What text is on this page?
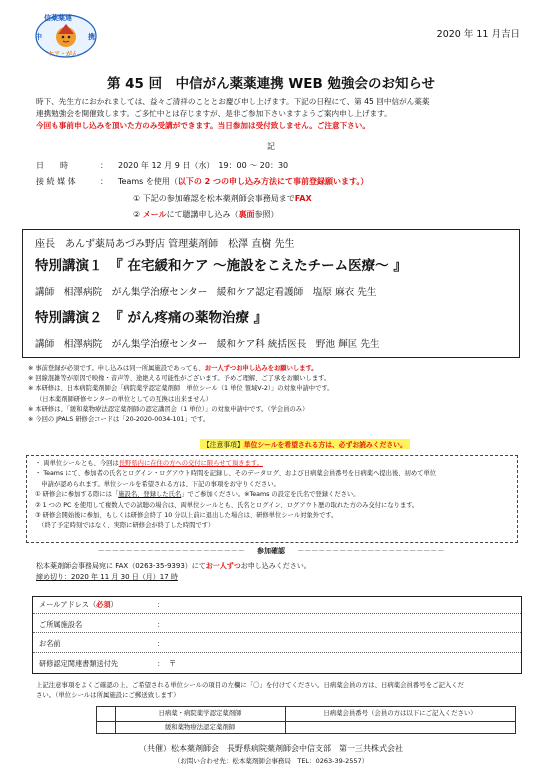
信薬薬連
中	携
ケア・がん
2020 年 11 月吉日
第 45 回　中信がん薬薬連携 WEB 勉強会のお知らせ
時下、先生方におかれましては、益々ご清祥のこととお慶び申し上げます。下記の日程にて、第 45 回中信がん薬薬
連携勉強会を開催致します。ご多忙中とは存じますが、是非ご参加下さいますようご案内申し上げます。
今回も事前申し込みを頂いた方のみ受講ができます。当日参加は受付致しません。ご注意下さい。
記
日　　時	： 2020 年 12 月 9 日（水）　19：00 ～ 20：30
接 続 媒 体	： Teams を使用（以下の 2 つの申し込み方法にて事前登録願います。）
① 下記の参加確認を松本薬剤師会事務局までFAX
② メールにて聴講申し込み（裏面参照）
座長　あんず薬局あづみ野店 管理薬剤師　松澤 直樹 先生
特別講演１　『 在宅緩和ケア ～施設をこえたチーム医療～ 』
講師　相澤病院　がん集学治療センター　緩和ケア認定看護師　塩原 麻衣 先生
特別講演２　『 がん疼痛の薬物治療 』
講師　相澤病院　がん集学治療センター　緩和ケア科 統括医長　野池 輝匡 先生
※ 事前登録が必須です。申し込みは同一所属施設であっても、お一人ずつお申し込みをお願いします。
※ 回線混雑等が原因で映像・音声等、途絶える可能性がございます。予めご理解、ご了承をお願いします。
※ 本研修は、日本病院薬剤師会「病院薬学認定薬剤師　単位シール（1 単位 領域Ⅴ-2）」の対象申請中です。
（日本薬剤師研修センターの単位としての互換は出来ません）
※ 本研修は、「緩和薬物療法認定薬剤師の認定講習会（1 単位）」の対象申請中です。（学会員のみ）
※ 今回の JPALS 研修会コードは「20-2020-0034-101」です。
【注意事項】単位シールを希望される方は、必ずお読みください。
・ 両単位シールとも、今回は長野県内に在住の方への交付に限らせて頂きます。
・ Teams にて、参加者の氏名とログイン・ログアウト時間を記録し、そのデータログ、および日病薬会員番号を日病薬へ提出後、初めて単位
　申請が認められます。単位シールを希望される方は、下記の事項をお守りください。
① 研修会に参加する際には「施設名、登録した氏名」でご参加ください。※Teams の設定を氏名で登録ください。
② 1 つの PC を使用して複数人での試聴の場合は、両単位シールとも、氏名とログイン、ログアウト歴の取れた方のみ交付になります。
③ 研修会開始後に参加、もしくは研修会終了 10 分以上前に退出した場合は、研修単位シール対象外です。
　（終了予定時刻ではなく、実際に研修会が終了した時間です）
－－－－－－－－－－－－－－－－－－－－－ 参加確認 －－－－－－－－－－－－－－－－－－－－－
松本薬剤師会事務局宛に FAX（0263-35-9393）にてお一人ずつお申し込みください。
締め切り：2020 年 11 月 30 日（月）17 時
メールアドレス（必須）	：
ご所属施設名	：
お名前	：
研修認定関連書類送付先	： 〒
上記注意事項をよくご確認の上、ご希望される単位シールの項目の左欄に「〇」を付けてください。日病薬会員の方は、日病薬会員番号をご記入くだ
さい。（単位シールは所属施設にご郵送致します）
日病薬・病院薬学認定薬剤師	日病薬会員番号（会員の方は以下にご記入ください）
緩和薬物療法認定薬剤師
（共催）松本薬剤師会　長野県病院薬剤師会中信支部　第一三共株式会社
（お問い合わせ先：松本薬剤師会事務局　TEL：0263-39-2557）
